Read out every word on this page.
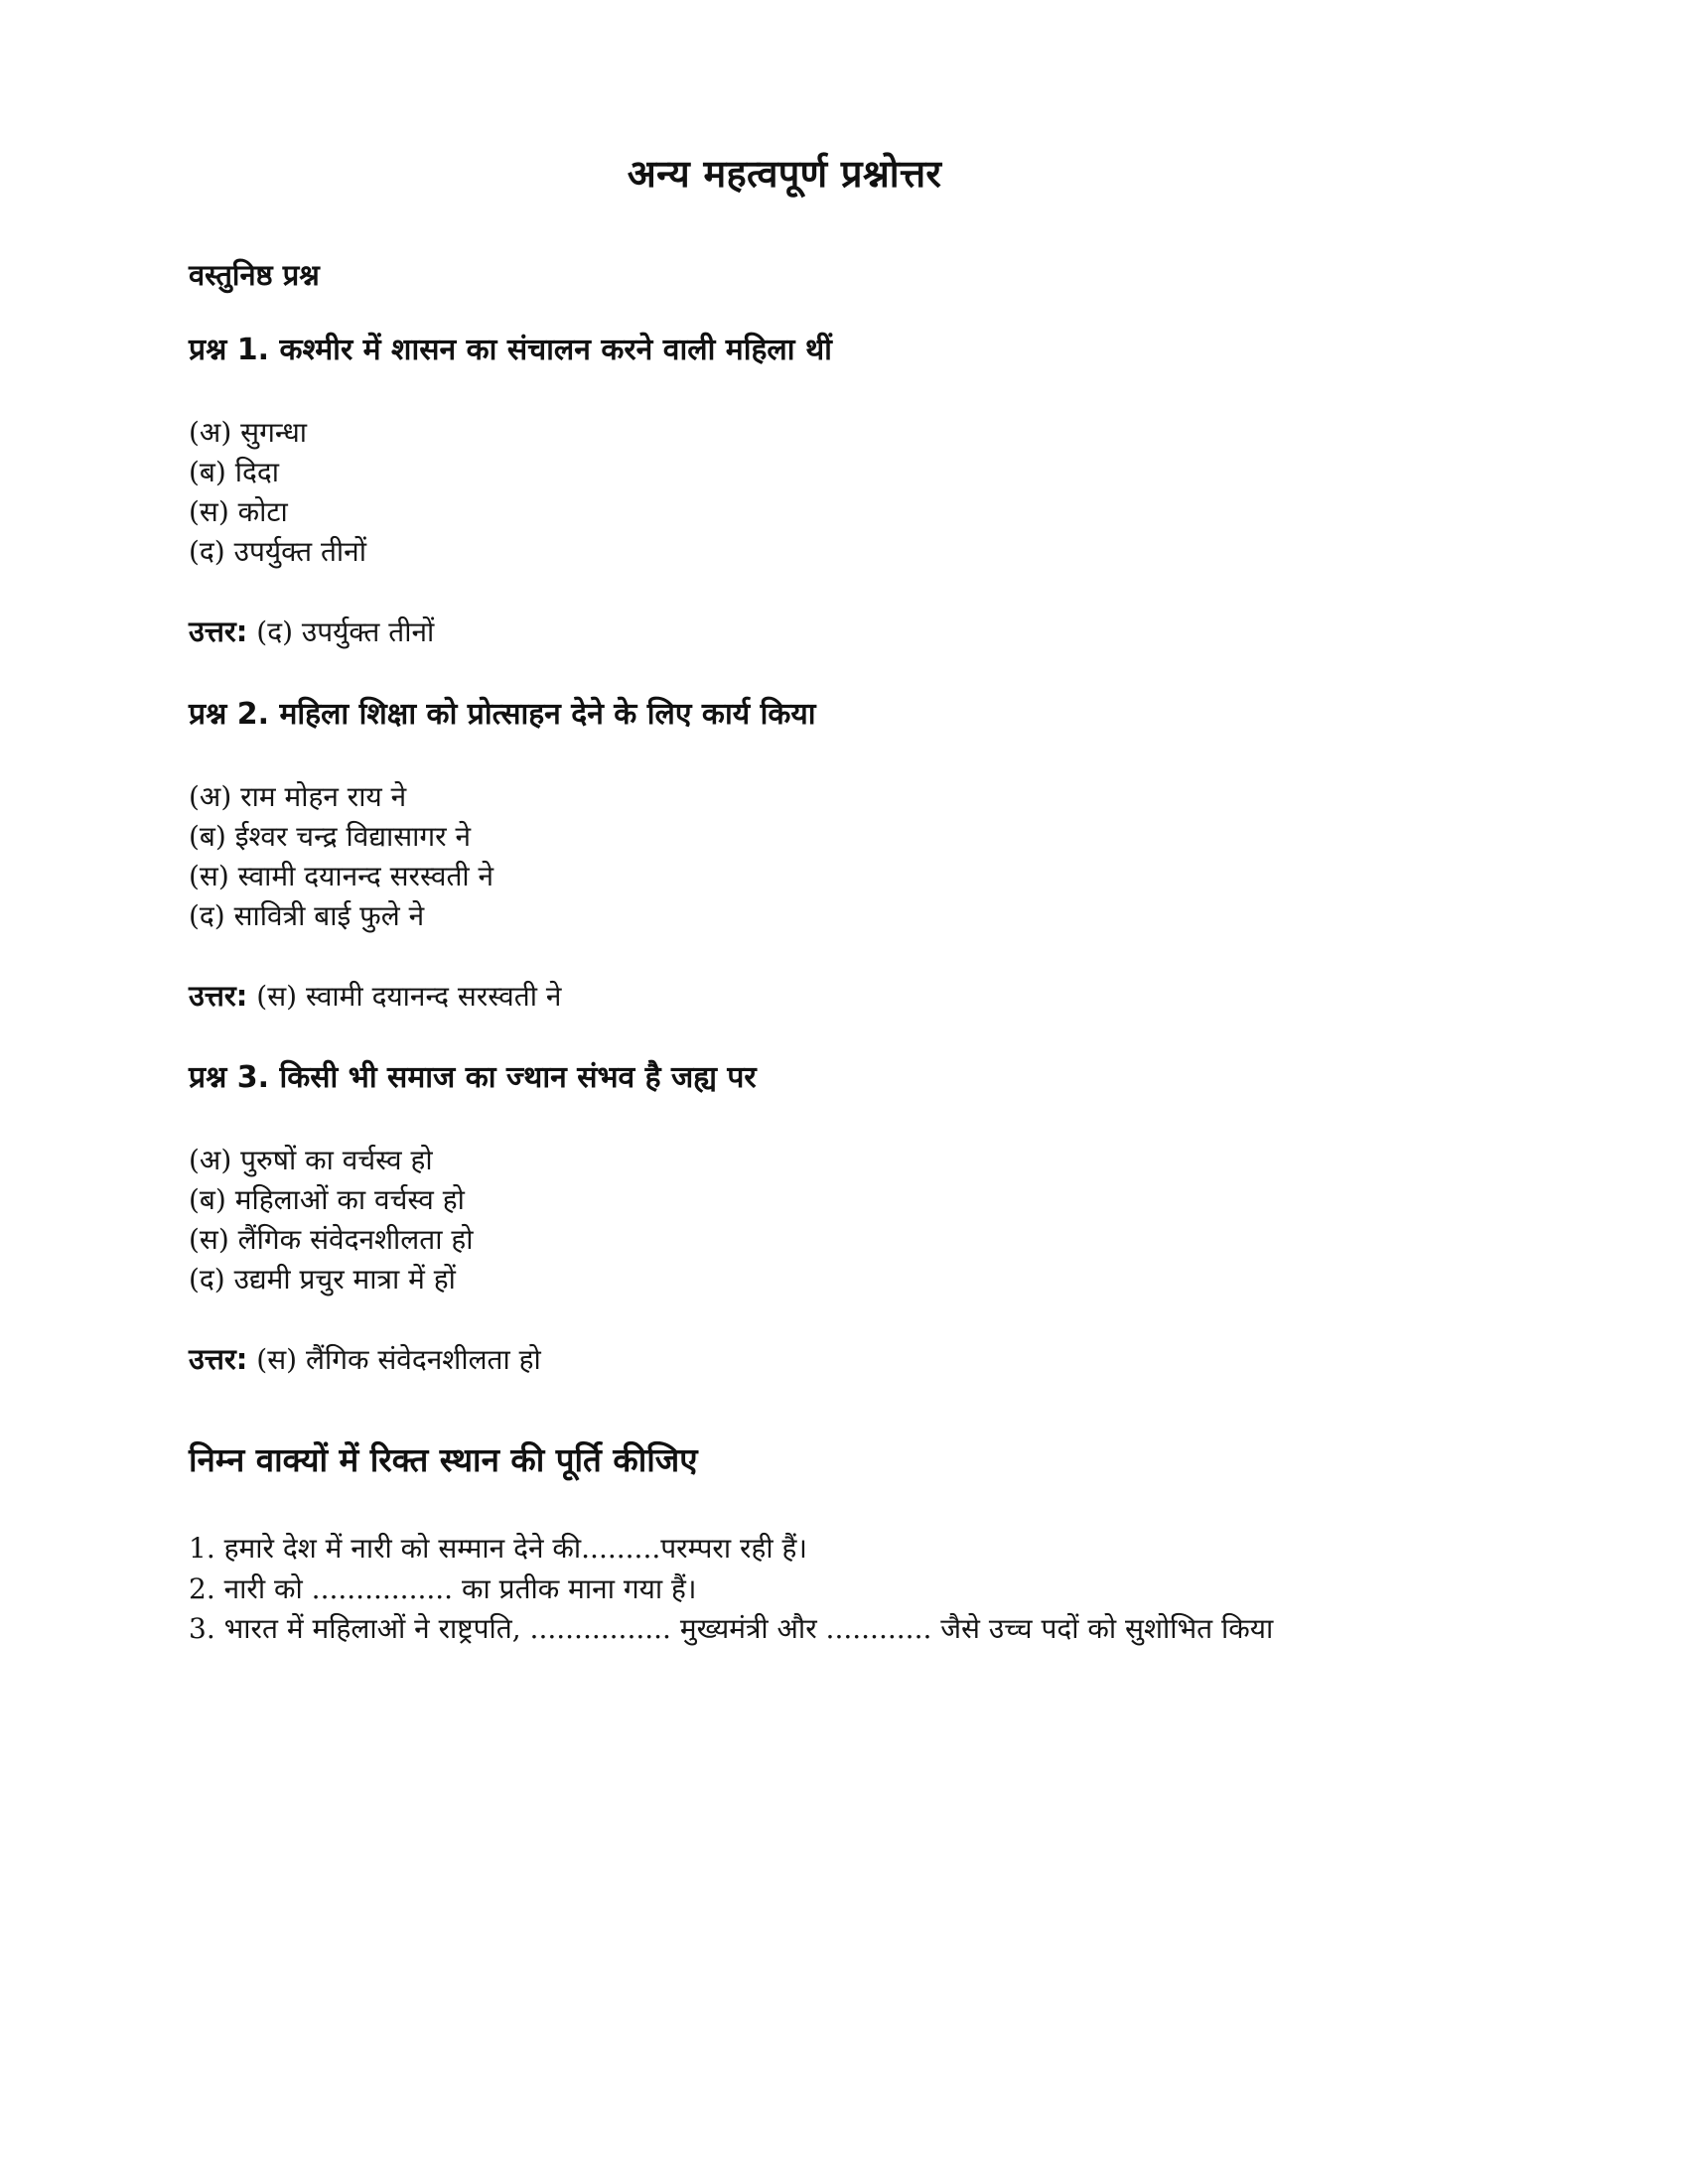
अन्य महत्वपूर्ण प्रश्नोत्तर
वस्तुनिष्ठ प्रश्न

प्रश्न 1. कश्मीर में शासन का संचालन करने वाली महिला थीं

(अ) सुगन्धा
(ब) दिदा
(स) कोटा
(द) उपर्युक्त तीनों

उत्तर: (द) उपर्युक्त तीनों

प्रश्न 2. महिला शिक्षा को प्रोत्साहन देने के लिए कार्य किया

(अ) राम मोहन राय ने
(ब) ईश्वर चन्द्र विद्यासागर ने
(स) स्वामी दयानन्द सरस्वती ने
(द) सावित्री बाई फुले ने

उत्तर: (स) स्वामी दयानन्द सरस्वती ने

प्रश्न 3. किसी भी समाज का ज्थान संभव है जह्य पर

(अ) पुरुषों का वर्चस्व हो
(ब) महिलाओं का वर्चस्व हो
(स) लैंगिक संवेदनशीलता हो
(द) उद्यमी प्रचुर मात्रा में हों

उत्तर: (स) लैंगिक संवेदनशीलता हो

निम्न वाक्यों में रिक्त स्थान की पूर्ति कीजिए

1. हमारे देश में नारी को सम्मान देने की.........परम्परा रही हैं।

2. नारी को ................ का प्रतीक माना गया हैं।

3. भारत में महिलाओं ने राष्ट्रपति, ................ मुख्यमंत्री और ............ जैसे उच्च पदों को सुशोभित किया
